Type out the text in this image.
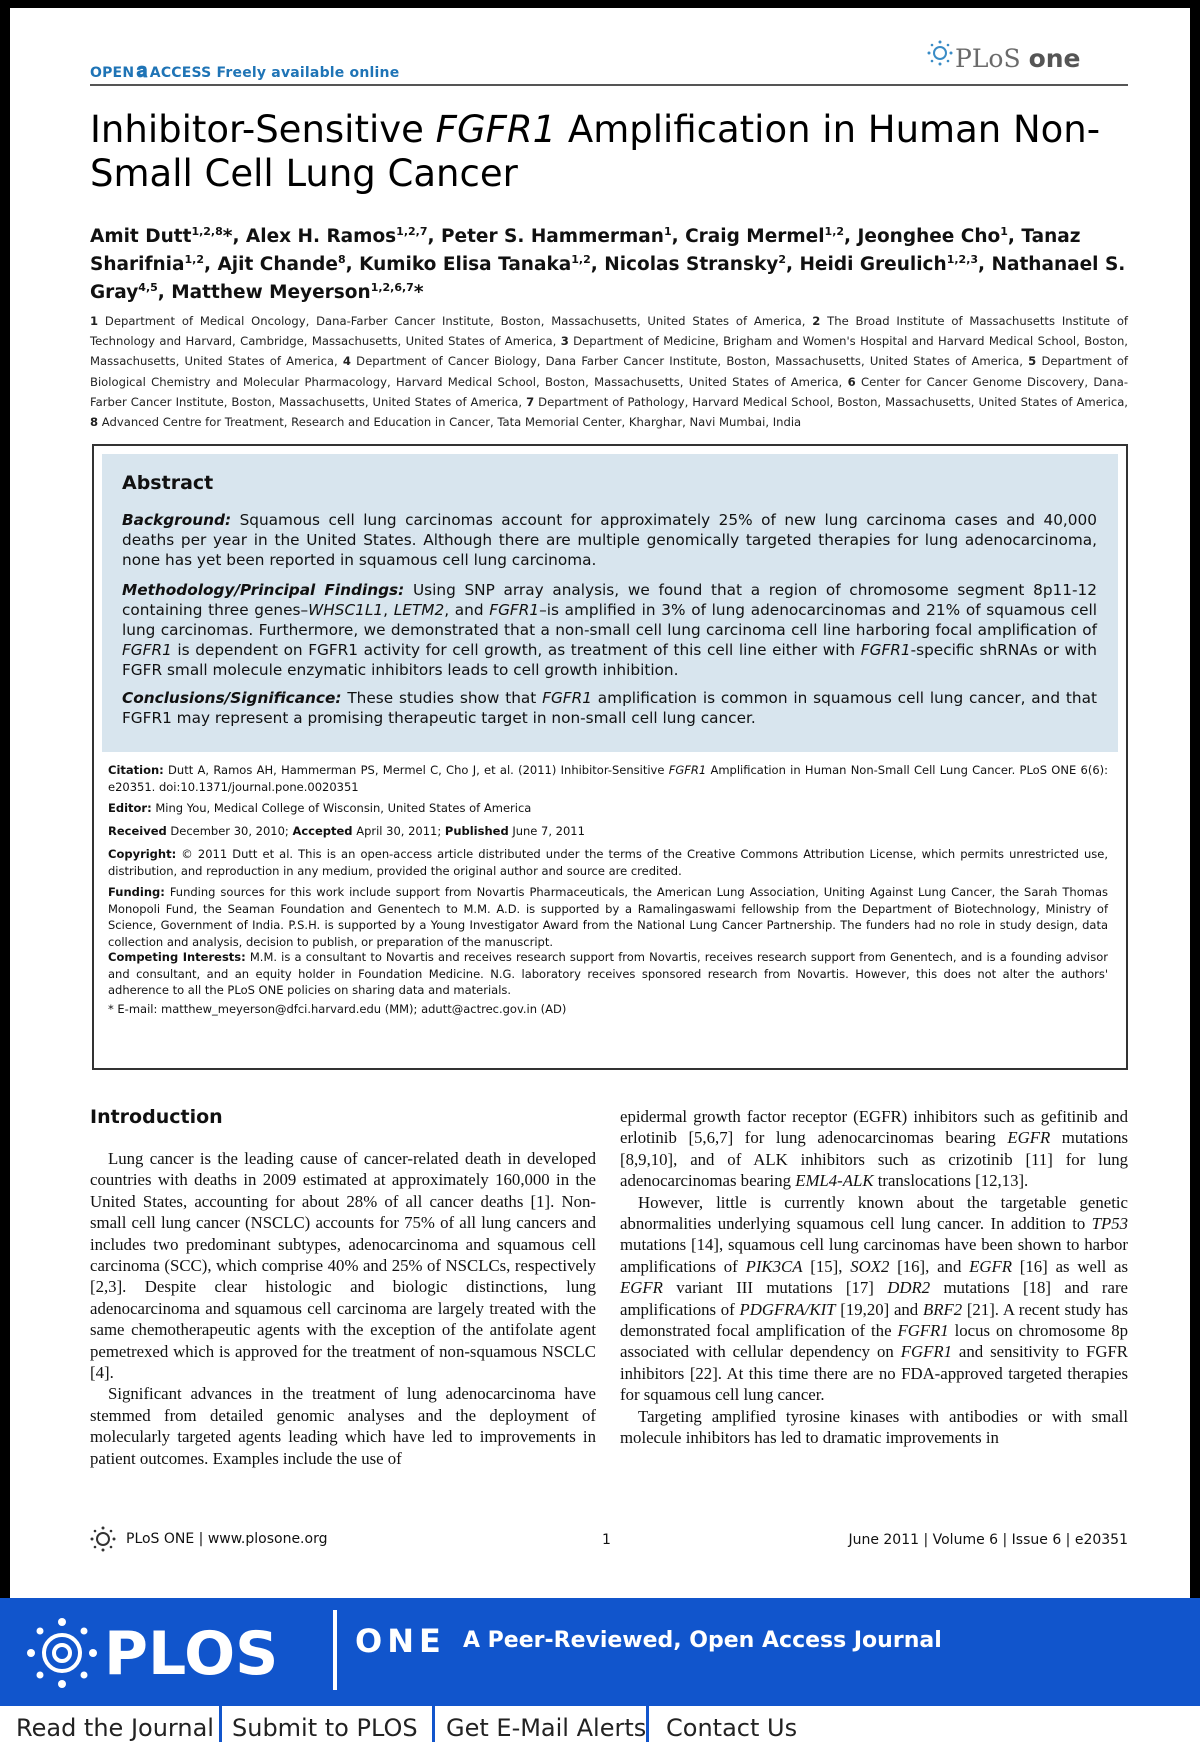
OPEN 𝐚 ACCESS Freely available online	PLoS one
Inhibitor-Sensitive FGFR1 Amplification in Human Non-Small Cell Lung Cancer
Amit Dutt$^{1,2,8}$*, Alex H. Ramos$^{1,2,7}$, Peter S. Hammerman$^1$, Craig Mermel$^{1,2}$, Jeonghee Cho$^1$, Tanaz Sharifnia$^{1,2}$, Ajit Chande$^8$, Kumiko Elisa Tanaka$^{1,2}$, Nicolas Stransky$^2$, Heidi Greulich$^{1,2,3}$, Nathanael S. Gray$^{4,5}$, Matthew Meyerson$^{1,2,6,7}$*
1 Department of Medical Oncology, Dana-Farber Cancer Institute, Boston, Massachusetts, United States of America, 2 The Broad Institute of Massachusetts Institute of Technology and Harvard, Cambridge, Massachusetts, United States of America, 3 Department of Medicine, Brigham and Women's Hospital and Harvard Medical School, Boston, Massachusetts, United States of America, 4 Department of Cancer Biology, Dana Farber Cancer Institute, Boston, Massachusetts, United States of America, 5 Department of Biological Chemistry and Molecular Pharmacology, Harvard Medical School, Boston, Massachusetts, United States of America, 6 Center for Cancer Genome Discovery, Dana-Farber Cancer Institute, Boston, Massachusetts, United States of America, 7 Department of Pathology, Harvard Medical School, Boston, Massachusetts, United States of America, 8 Advanced Centre for Treatment, Research and Education in Cancer, Tata Memorial Center, Kharghar, Navi Mumbai, India
Abstract
Background: Squamous cell lung carcinomas account for approximately 25% of new lung carcinoma cases and 40,000 deaths per year in the United States. Although there are multiple genomically targeted therapies for lung adenocarcinoma, none has yet been reported in squamous cell lung carcinoma.
Methodology/Principal Findings: Using SNP array analysis, we found that a region of chromosome segment 8p11-12 containing three genes–WHSC1L1, LETM2, and FGFR1–is amplified in 3% of lung adenocarcinomas and 21% of squamous cell lung carcinomas. Furthermore, we demonstrated that a non-small cell lung carcinoma cell line harboring focal amplification of FGFR1 is dependent on FGFR1 activity for cell growth, as treatment of this cell line either with FGFR1-specific shRNAs or with FGFR small molecule enzymatic inhibitors leads to cell growth inhibition.
Conclusions/Significance: These studies show that FGFR1 amplification is common in squamous cell lung cancer, and that FGFR1 may represent a promising therapeutic target in non-small cell lung cancer.
Citation: Dutt A, Ramos AH, Hammerman PS, Mermel C, Cho J, et al. (2011) Inhibitor-Sensitive FGFR1 Amplification in Human Non-Small Cell Lung Cancer. PLoS ONE 6(6): e20351. doi:10.1371/journal.pone.0020351
Editor: Ming You, Medical College of Wisconsin, United States of America
Received December 30, 2010; Accepted April 30, 2011; Published June 7, 2011
Copyright: © 2011 Dutt et al. This is an open-access article distributed under the terms of the Creative Commons Attribution License, which permits unrestricted use, distribution, and reproduction in any medium, provided the original author and source are credited.
Funding: Funding sources for this work include support from Novartis Pharmaceuticals, the American Lung Association, Uniting Against Lung Cancer, the Sarah Thomas Monopoli Fund, the Seaman Foundation and Genentech to M.M. A.D. is supported by a Ramalingaswami fellowship from the Department of Biotechnology, Ministry of Science, Government of India. P.S.H. is supported by a Young Investigator Award from the National Lung Cancer Partnership. The funders had no role in study design, data collection and analysis, decision to publish, or preparation of the manuscript.
Competing Interests: M.M. is a consultant to Novartis and receives research support from Novartis, receives research support from Genentech, and is a founding advisor and consultant, and an equity holder in Foundation Medicine. N.G. laboratory receives sponsored research from Novartis. However, this does not alter the authors' adherence to all the PLoS ONE policies on sharing data and materials.
* E-mail: matthew_meyerson@dfci.harvard.edu (MM); adutt@actrec.gov.in (AD)
Introduction

Lung cancer is the leading cause of cancer-related death in developed countries with deaths in 2009 estimated at approximately 160,000 in the United States, accounting for about 28% of all cancer deaths [1]. Non-small cell lung cancer (NSCLC) accounts for 75% of all lung cancers and includes two predominant subtypes, adenocarcinoma and squamous cell carcinoma (SCC), which comprise 40% and 25% of NSCLCs, respectively [2,3]. Despite clear histologic and biologic distinctions, lung adenocarcinoma and squamous cell carcinoma are largely treated with the same chemotherapeutic agents with the exception of the antifolate agent pemetrexed which is approved for the treatment of non-squamous NSCLC [4].

Significant advances in the treatment of lung adenocarcinoma have stemmed from detailed genomic analyses and the deployment of molecularly targeted agents leading which have led to improvements in patient outcomes. Examples include the use of

epidermal growth factor receptor (EGFR) inhibitors such as gefitinib and erlotinib [5,6,7] for lung adenocarcinomas bearing EGFR mutations [8,9,10], and of ALK inhibitors such as crizotinib [11] for lung adenocarcinomas bearing EML4-ALK translocations [12,13].

However, little is currently known about the targetable genetic abnormalities underlying squamous cell lung cancer. In addition to TP53 mutations [14], squamous cell lung carcinomas have been shown to harbor amplifications of PIK3CA [15], SOX2 [16], and EGFR [16] as well as EGFR variant III mutations [17] DDR2 mutations [18] and rare amplifications of PDGFRA/KIT [19,20] and BRF2 [21]. A recent study has demonstrated focal amplification of the FGFR1 locus on chromosome 8p associated with cellular dependency on FGFR1 and sensitivity to FGFR inhibitors [22]. At this time there are no FDA-approved targeted therapies for squamous cell lung cancer.

Targeting amplified tyrosine kinases with antibodies or with small molecule inhibitors has led to dramatic improvements in

PLoS ONE | www.plosone.org	1	June 2011 | Volume 6 | Issue 6 | e20351
PLOS ONE A Peer-Reviewed, Open Access Journal
Read the Journal Submit to PLOS	Get E-Mail Alerts Contact Us
